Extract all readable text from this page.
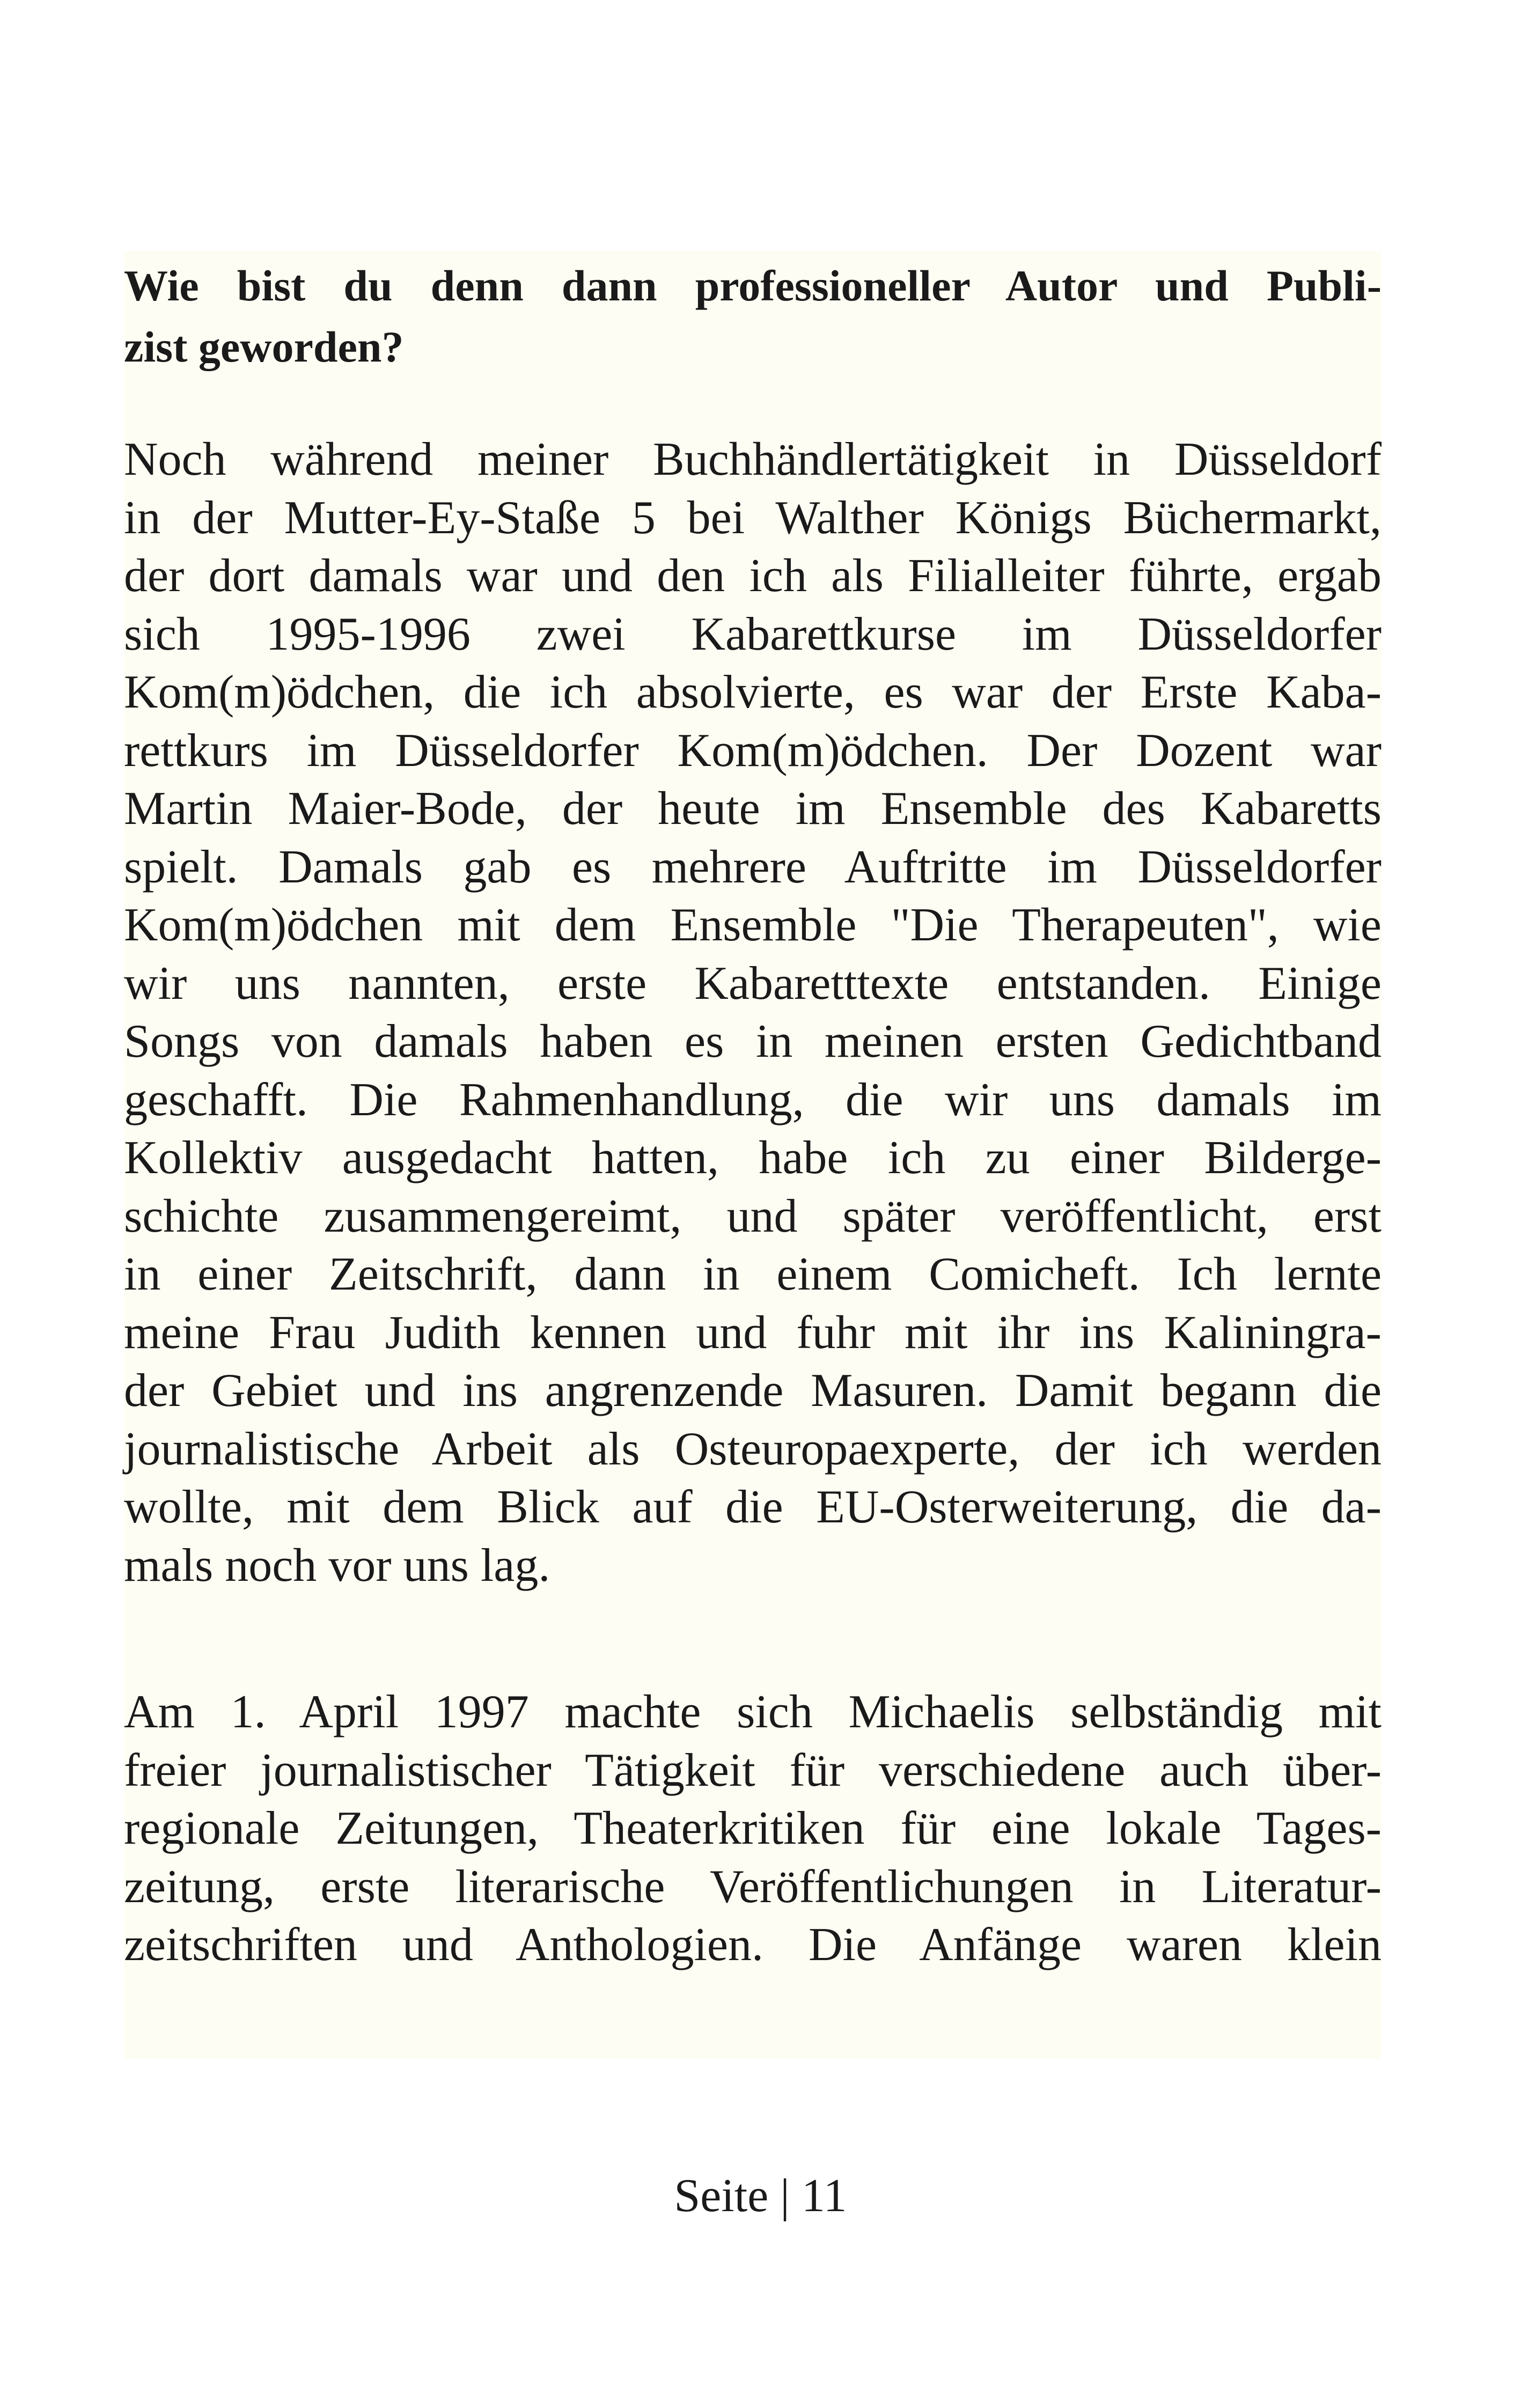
Wie bist du denn dann professioneller Autor und Publi-
zist geworden?
Noch während meiner Buchhändlertätigkeit in Düsseldorf
in der Mutter-Ey-Staße 5 bei Walther Königs Büchermarkt,
der dort damals war und den ich als Filialleiter führte, ergab
sich 1995-1996 zwei Kabarettkurse im Düsseldorfer
Kom(m)ödchen, die ich absolvierte, es war der Erste Kaba-
rettkurs im Düsseldorfer Kom(m)ödchen. Der Dozent war
Martin Maier-Bode, der heute im Ensemble des Kabaretts
spielt. Damals gab es mehrere Auftritte im Düsseldorfer
Kom(m)ödchen mit dem Ensemble "Die Therapeuten", wie
wir uns nannten, erste Kabaretttexte entstanden. Einige
Songs von damals haben es in meinen ersten Gedichtband
geschafft. Die Rahmenhandlung, die wir uns damals im
Kollektiv ausgedacht hatten, habe ich zu einer Bilderge-
schichte zusammengereimt, und später veröffentlicht, erst
in einer Zeitschrift, dann in einem Comicheft. Ich lernte
meine Frau Judith kennen und fuhr mit ihr ins Kaliningra-
der Gebiet und ins angrenzende Masuren. Damit begann die
journalistische Arbeit als Osteuropaexperte, der ich werden
wollte, mit dem Blick auf die EU-Osterweiterung, die da-
mals noch vor uns lag.
Am 1. April 1997 machte sich Michaelis selbständig mit
freier journalistischer Tätigkeit für verschiedene auch über-
regionale Zeitungen, Theaterkritiken für eine lokale Tages-
zeitung, erste literarische Veröffentlichungen in Literatur-
zeitschriften und Anthologien. Die Anfänge waren klein
Seite | 11
